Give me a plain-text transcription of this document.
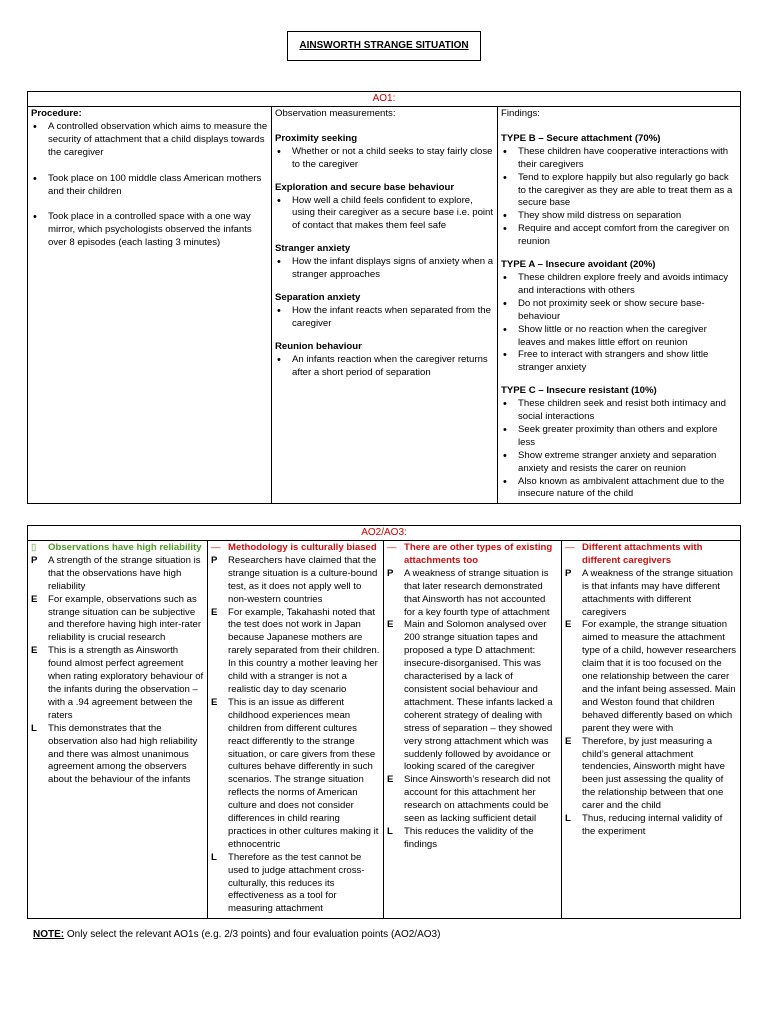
AINSWORTH STRANGE SITUATION
AO1:

Procedure:
• A controlled observation which aims to measure the security of attachment that a child displays towards the caregiver
• Took place on 100 middle class American mothers and their children
• Took place in a controlled space with a one way mirror, which psychologists observed the infants over 8 episodes (each lasting 3 minutes)

Observation measurements:
Proximity seeking
• Whether or not a child seeks to stay fairly close to the caregiver
Exploration and secure base behaviour
• How well a child feels confident to explore, using their caregiver as a secure base i.e. point of contact that makes them feel safe
Stranger anxiety
• How the infant displays signs of anxiety when a stranger approaches
Separation anxiety
• How the infant reacts when separated from the caregiver
Reunion behaviour
• An infants reaction when the caregiver returns after a short period of separation

Findings:
TYPE B – Secure attachment (70%)
• These children have cooperative interactions with their caregivers
• Tend to explore happily but also regularly go back to the caregiver as they are able to treat them as a secure base
• They show mild distress on separation
• Require and accept comfort from the caregiver on reunion
TYPE A – Insecure avoidant (20%)
• These children explore freely and avoids intimacy and interactions with others
• Do not proximity seek or show secure base-behaviour
• Show little or no reaction when the caregiver leaves and makes little effort on reunion
• Free to interact with strangers and show little stranger anxiety
TYPE C – Insecure resistant (10%)
• These children seek and resist both intimacy and social interactions
• Seek greater proximity than others and explore less
• Show extreme stranger anxiety and separation anxiety and resists the carer on reunion
• Also known as ambivalent attachment due to the insecure nature of the child
AO2/AO3:

▯	Observations have high reliability
P	A strength of the strange situation is that the observations have high reliability
E	For example, observations such as strange situation can be subjective and therefore having high inter-rater reliability is crucial research
E	This is a strength as Ainsworth found almost perfect agreement when rating exploratory behaviour of the infants during the observation – with a .94 agreement between the raters
L	This demonstrates that the observation also had high reliability and there was almost unanimous agreement among the observers about the behaviour of the infants

— Methodology is culturally biased
P	Researchers have claimed that the strange situation is a culture-bound test, as it does not apply well to non-western countries
E	For example, Takahashi noted that the test does not work in Japan because Japanese mothers are rarely separated from their children. In this country a mother leaving her child with a stranger is not a realistic day to day scenario
E	This is an issue as different childhood experiences mean children from different cultures react differently to the strange situation, or care givers from these cultures behave differently in such scenarios. The strange situation reflects the norms of American culture and does not consider differences in child rearing practices in other cultures making it ethnocentric
L	Therefore as the test cannot be used to judge attachment cross-culturally, this reduces its effectiveness as a tool for measuring attachment

— There are other types of existing attachments too
P	A weakness of strange situation is that later research demonstrated that Ainsworth has not accounted for a key fourth type of attachment
E	Main and Solomon analysed over 200 strange situation tapes and proposed a type D attachment: insecure-disorganised. This was characterised by a lack of consistent social behaviour and attachment. These infants lacked a coherent strategy of dealing with stress of separation – they showed very strong attachment which was suddenly followed by avoidance or looking scared of the caregiver
E	Since Ainsworth’s research did not account for this attachment her research on attachments could be seen as lacking sufficient detail
L	This reduces the validity of the findings

— Different attachments with different caregivers
P	A weakness of the strange situation is that infants may have different attachments with different caregivers
E	For example, the strange situation aimed to measure the attachment type of a child, however researchers claim that it is too focused on the one relationship between the carer and the infant being assessed. Main and Weston found that children behaved differently based on which parent they were with
E	Therefore, by just measuring a child’s general attachment tendencies, Ainsworth might have been just assessing the quality of the relationship between that one carer and the child
L	Thus, reducing internal validity of the experiment
NOTE: Only select the relevant AO1s (e.g. 2/3 points) and four evaluation points (AO2/AO3)
